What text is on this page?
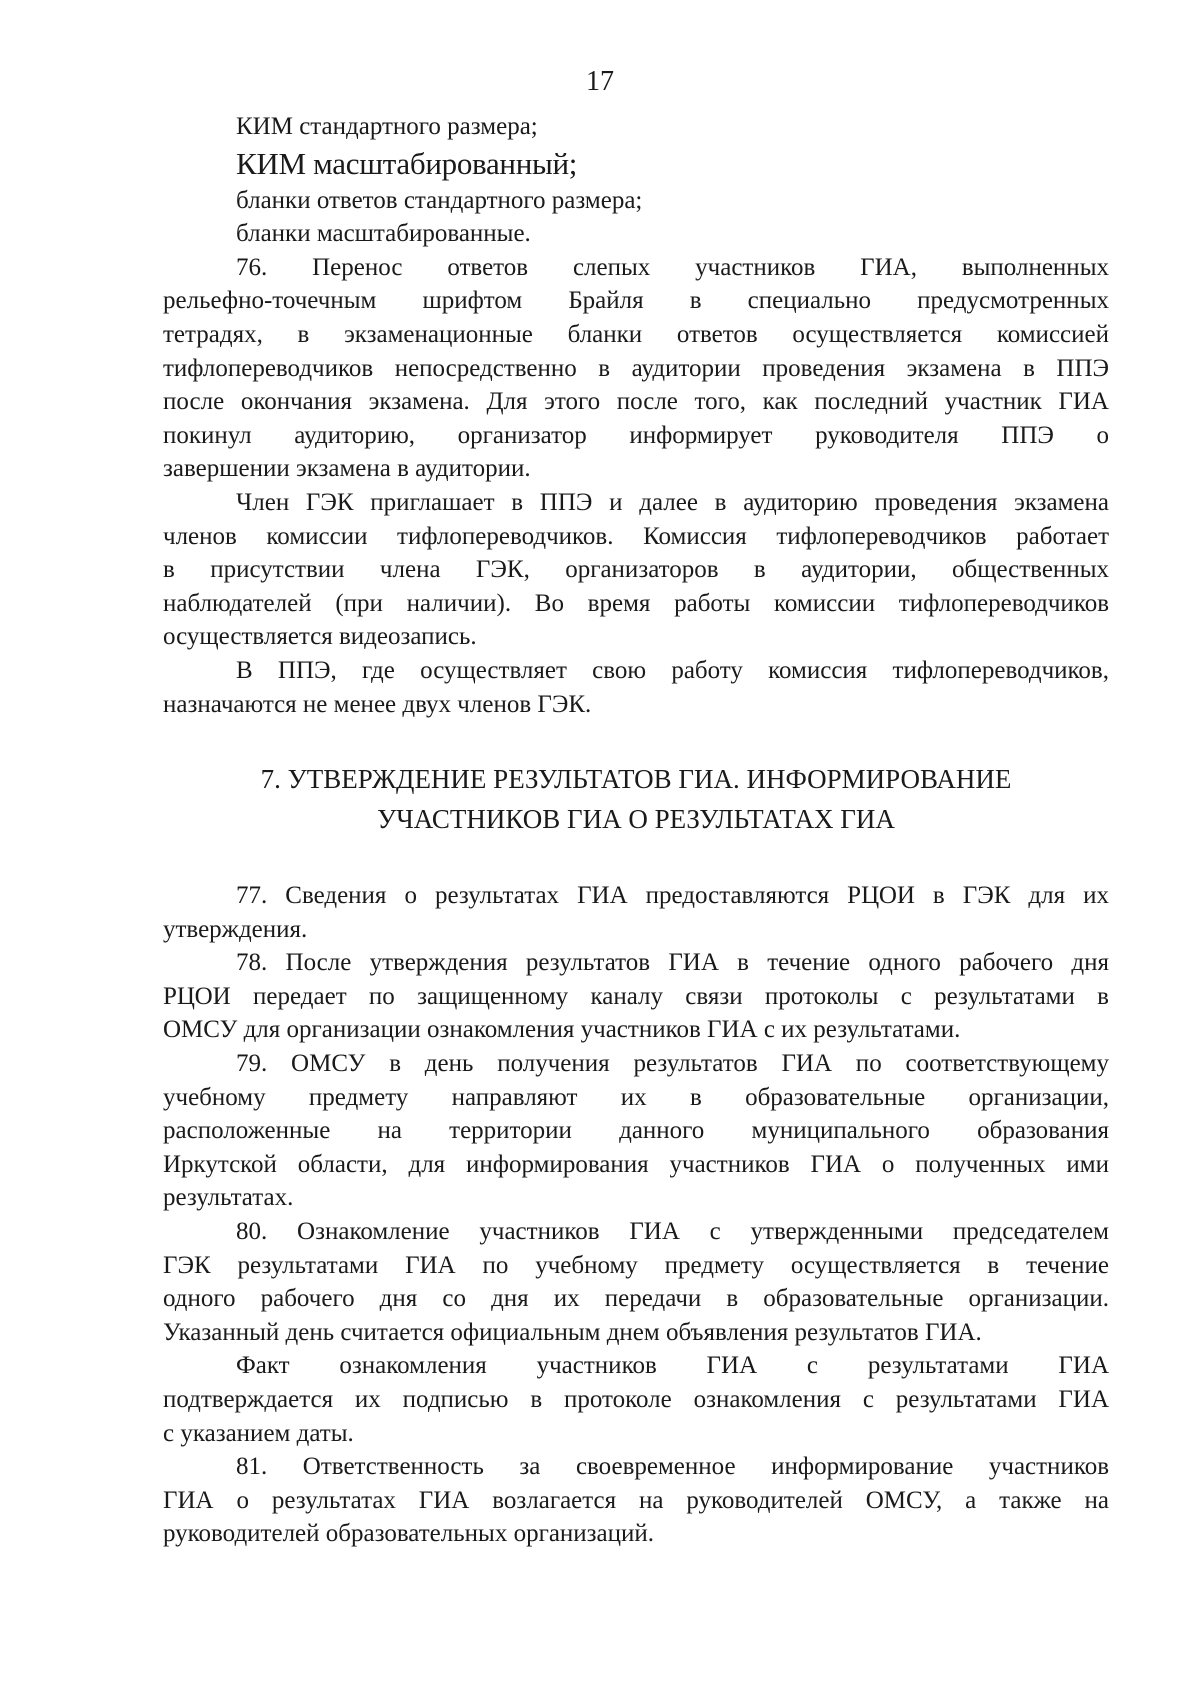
17
КИМ стандартного размера;
КИМ масштабированный;
бланки ответов стандартного размера;
бланки масштабированные.
76. Перенос ответов слепых участников ГИА, выполненных
рельефно-точечным шрифтом Брайля в специально предусмотренных
тетрадях, в экзаменационные бланки ответов осуществляется комиссией
тифлопереводчиков непосредственно в аудитории проведения экзамена в ППЭ
после окончания экзамена. Для этого после того, как последний участник ГИА
покинул аудиторию, организатор информирует руководителя ППЭ о
завершении экзамена в аудитории.
Член ГЭК приглашает в ППЭ и далее в аудиторию проведения экзамена
членов комиссии тифлопереводчиков. Комиссия тифлопереводчиков работает
в присутствии члена ГЭК, организаторов в аудитории, общественных
наблюдателей (при наличии). Во время работы комиссии тифлопереводчиков
осуществляется видеозапись.
В ППЭ, где осуществляет свою работу комиссия тифлопереводчиков,
назначаются не менее двух членов ГЭК.
7. УТВЕРЖДЕНИЕ РЕЗУЛЬТАТОВ ГИА. ИНФОРМИРОВАНИЕ
УЧАСТНИКОВ ГИА О РЕЗУЛЬТАТАХ ГИА
77. Сведения о результатах ГИА предоставляются РЦОИ в ГЭК для их
утверждения.
78. После утверждения результатов ГИА в течение одного рабочего дня
РЦОИ передает по защищенному каналу связи протоколы с результатами в
ОМСУ для организации ознакомления участников ГИА с их результатами.
79. ОМСУ в день получения результатов ГИА по соответствующему
учебному предмету направляют их в образовательные организации,
расположенные на территории данного муниципального образования
Иркутской области, для информирования участников ГИА о полученных ими
результатах.
80. Ознакомление участников ГИА с утвержденными председателем
ГЭК результатами ГИА по учебному предмету осуществляется в течение
одного рабочего дня со дня их передачи в образовательные организации.
Указанный день считается официальным днем объявления результатов ГИА.
Факт ознакомления участников ГИА с результатами ГИА
подтверждается их подписью в протоколе ознакомления с результатами ГИА
с указанием даты.
81. Ответственность за своевременное информирование участников
ГИА о результатах ГИА возлагается на руководителей ОМСУ, а также на
руководителей образовательных организаций.
